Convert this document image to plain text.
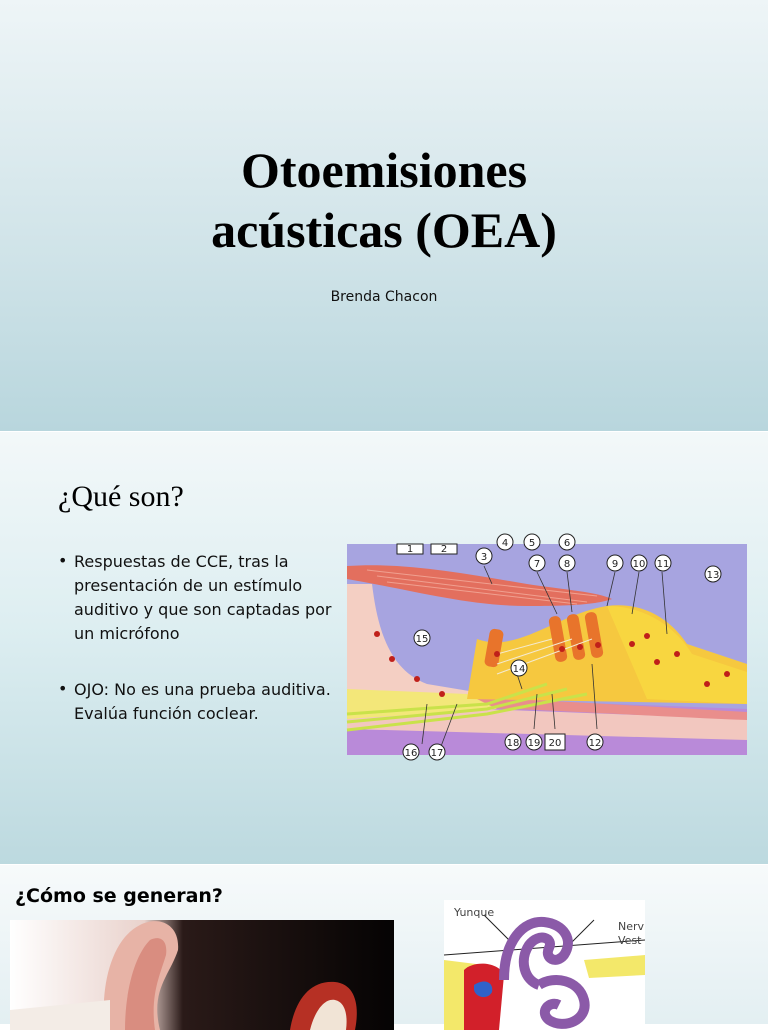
Otoemisiones
acústicas (OEA)
Brenda Chacon
¿Qué son?
• Respuestas de CCE, tras la presentación de un estímulo auditivo y que son captadas por un micrófono
• OJO: No es una prueba auditiva. Evalúa función coclear.
1	2
3
4 5	6
7 8	9 10 11
12
13
14
15
16 17
18 19 20
¿Cómo se generan?
Yunque
Nerv
Vest
